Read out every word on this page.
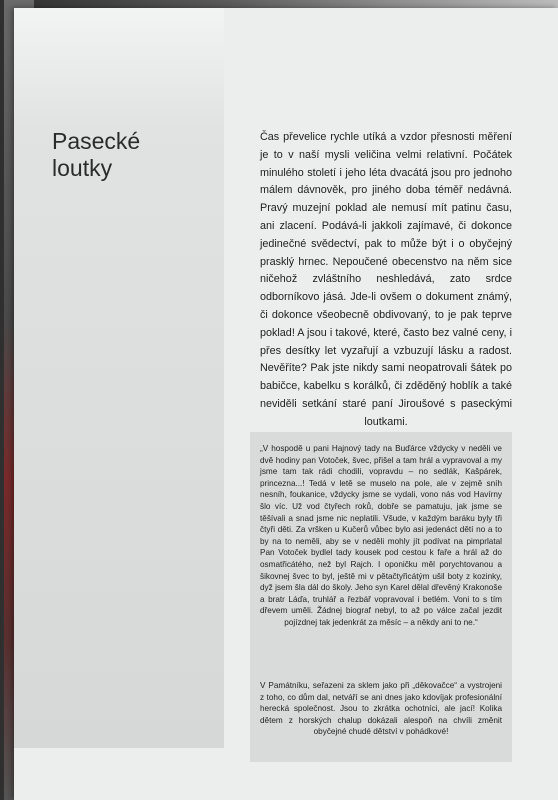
Pasecké
loutky

Čas převelice rychle utíká a vzdor přesnosti měření je to v naší mysli veličina velmi relativní. Počátek minulého století i jeho léta dvacátá jsou pro jednoho málem dávnověk, pro jiného doba téměř nedávná. Pravý muzejní poklad ale nemusí mít patinu času, ani zlacení. Podává-li jakkoli zajímavé, či dokonce jedinečné svědectví, pak to může být i o obyčejný prasklý hrnec. Nepoučené obecenstvo na něm sice ničehož zvláštního neshledává, zato srdce odborníkovo jásá. Jde-li ovšem o dokument známý, či dokonce všeobecně obdivovaný, to je pak teprve poklad! A jsou i takové, které, často bez valné ceny, i přes desítky let vyzařují a vzbuzují lásku a radost. Nevěříte? Pak jste nikdy sami neopatrovali šátek po babičce, kabelku s korálků, či zděděný hoblík a také neviděli setkání staré paní Jiroušové s paseckými loutkami.

„V hospodě u pani Hajnový tady na Buďárce vždycky v neděli ve dvě hodiny pan Votoček, švec, přišel a tam hrál a vypravoval a my jsme tam tak rádi chodili, vopravdu – no sedlák, Kašpárek, princezna...! Tedá v letě se muselo na pole, ale v zejmě sníh nesníh, foukanice, vždycky jsme se vydali, vono nás vod Havírny šlo víc. Už vod čtyřech roků, dobře se pamatuju, jak jsme se těšívali a snad jsme nic neplatili. Všude, v každým baráku byly tři čtyři děti. Za vršken u Kučerů vůbec bylo asi jedenáct dětí no a to by na to neměli, aby se v neděli mohly jít podívat na pimprlatal Pan Votoček bydlel tady kousek pod cestou k faře a hrál až do osmatřicátého, než byl Rajch. I oponičku měl porychtovanou a šikovnej švec to byl, ještě mi v pětačtyřicátým ušil boty z kozinky, dyž jsem šla dál do školy. Jeho syn Karel dělal dřevěný Krakonoše a bratr Láďa, truhlář a řezbář vopravoval i betlém. Voni to s tím dřevem uměli. Žádnej biograf nebyl, to až po válce začal jezdit pojízdnej tak jedenkrát za měsíc – a někdy ani to ne.“

V Památníku, seřazeni za sklem jako při „děkovačce“ a vystrojeni z toho, co dům dal, netváří se ani dnes jako kdovíjak profesionální herecká společnost. Jsou to zkrátka ochotníci, ale jací! Kolika dětem z horských chalup dokázali alespoň na chvíli změnit obyčejné chudé dětství v pohádkové!
